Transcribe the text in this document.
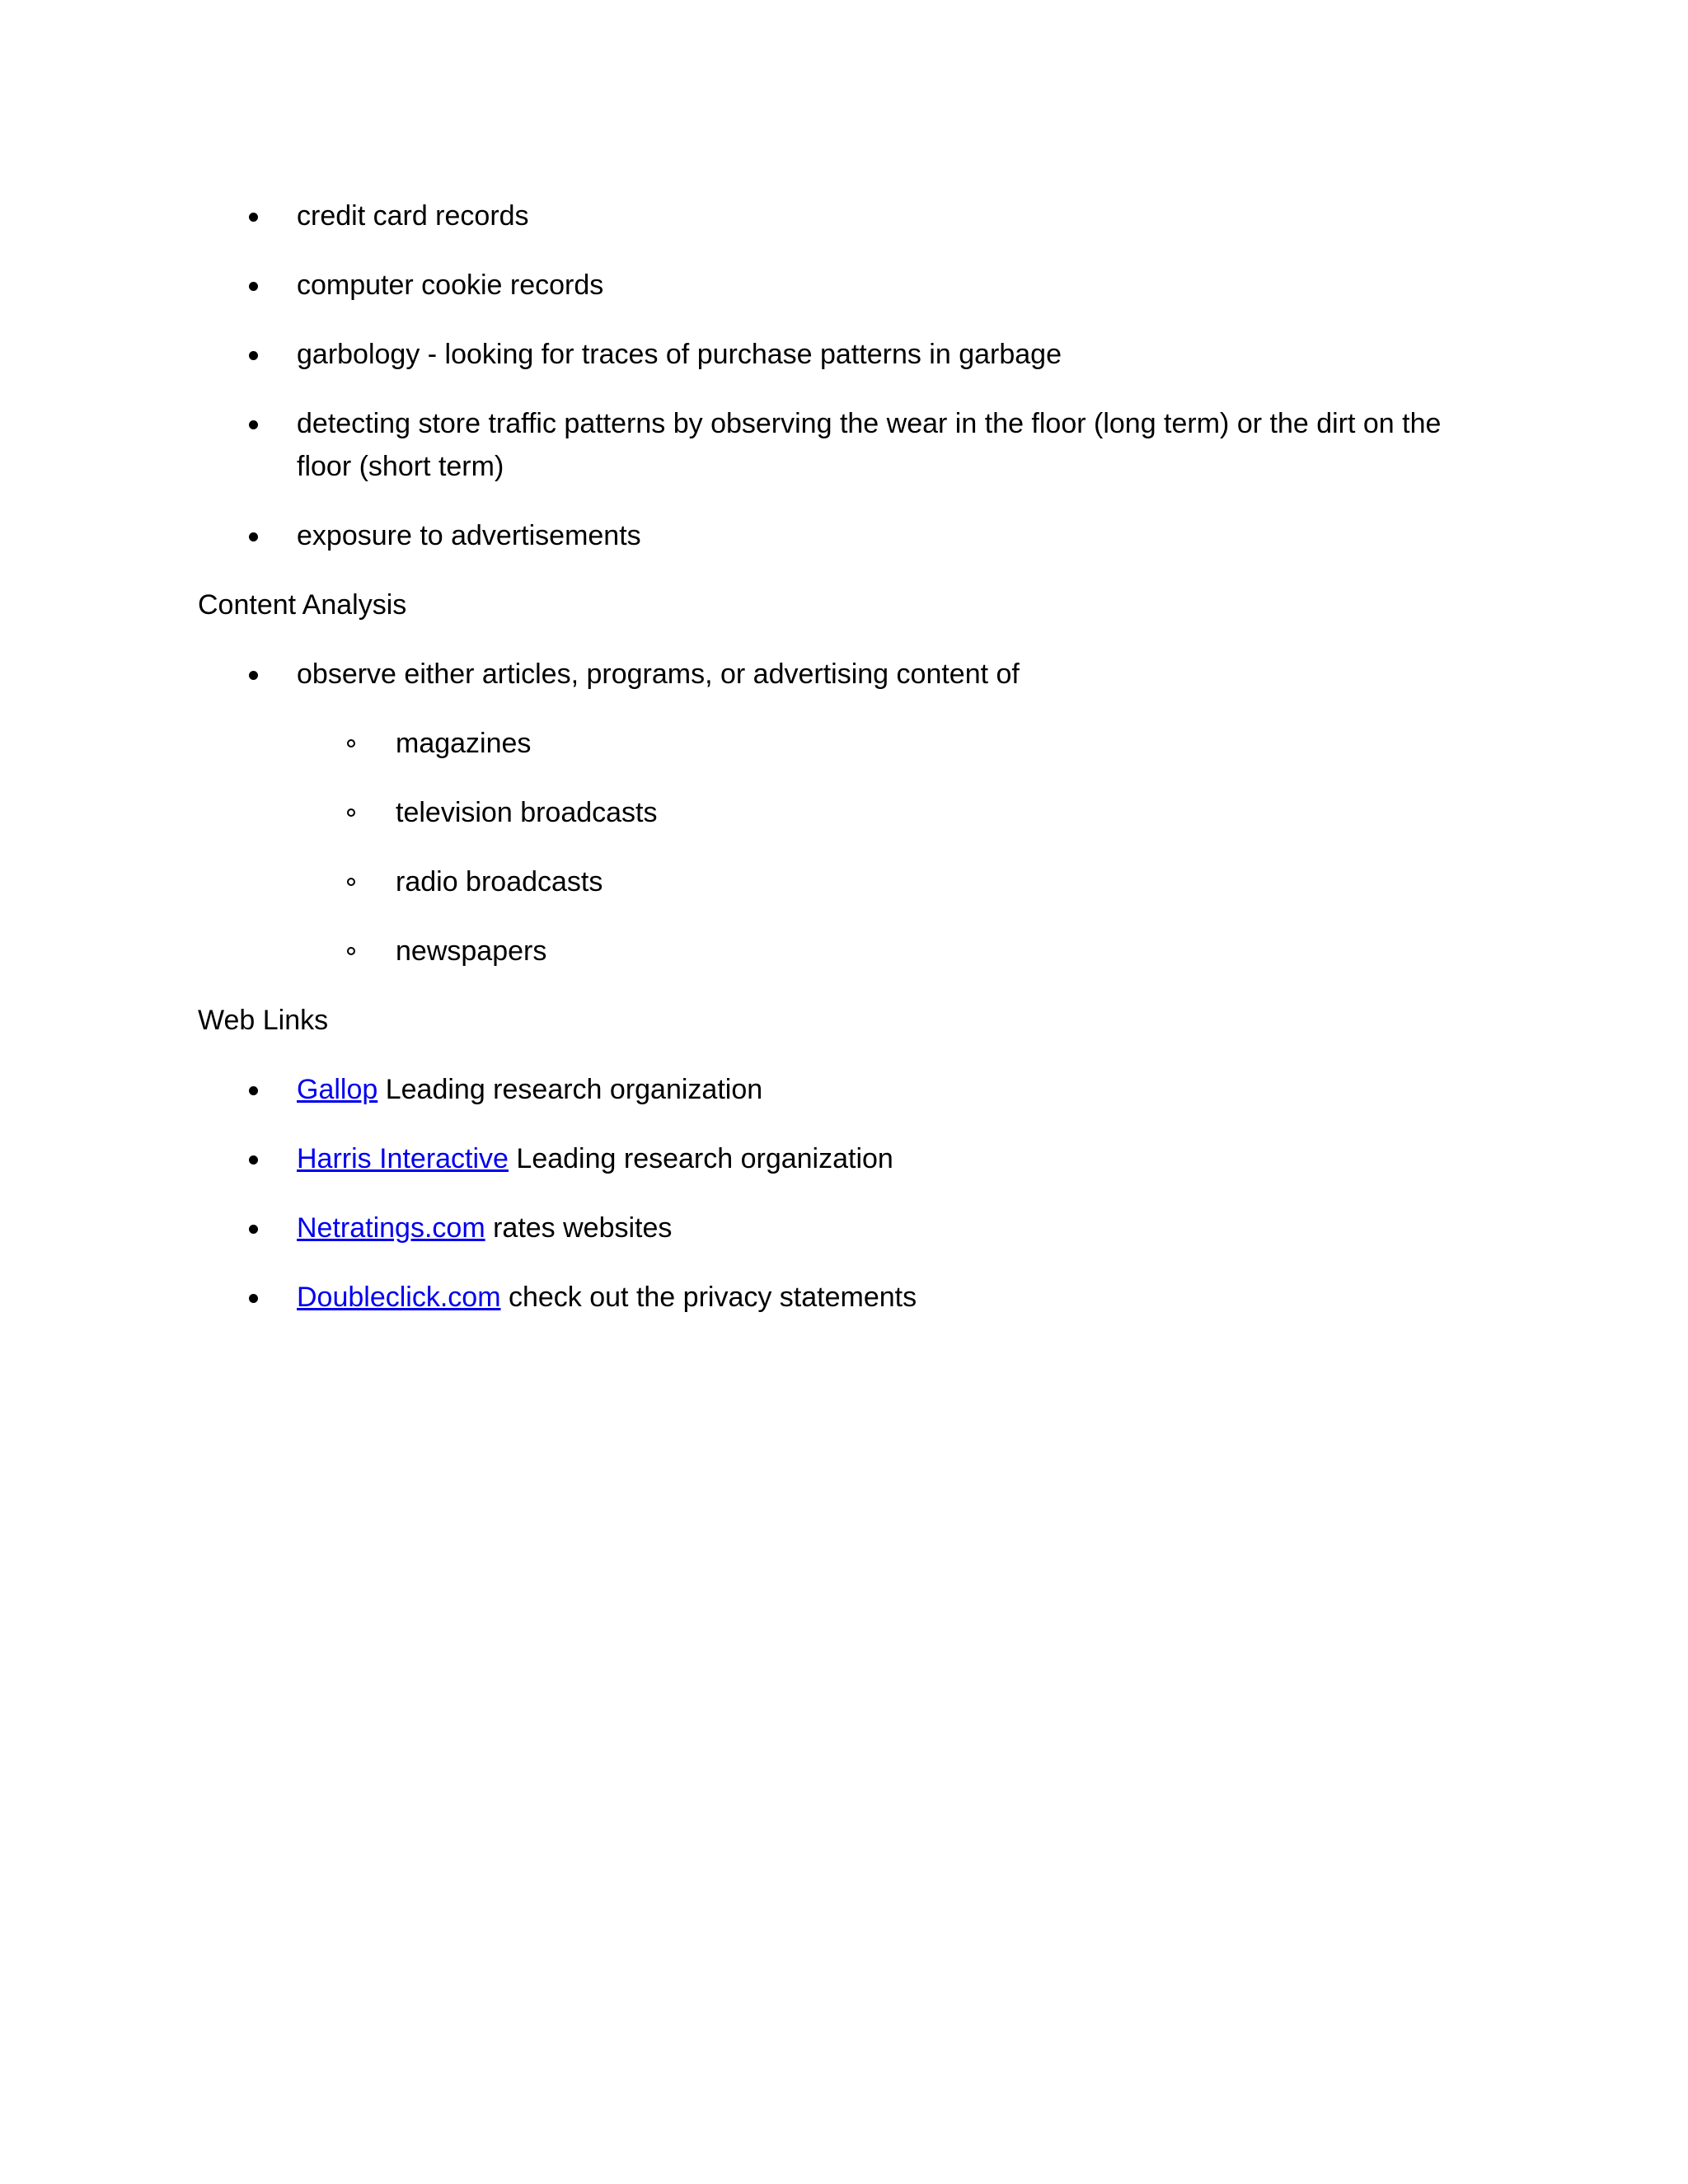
credit card records
computer cookie records
garbology - looking for traces of purchase patterns in garbage
detecting store traffic patterns by observing the wear in the floor (long term) or the dirt on the floor (short term)
exposure to advertisements
Content Analysis
observe either articles, programs, or advertising content of
magazines
television broadcasts
radio broadcasts
newspapers
Web Links
Gallop Leading research organization
Harris Interactive Leading research organization
Netratings.com rates websites
Doubleclick.com check out the privacy statements
